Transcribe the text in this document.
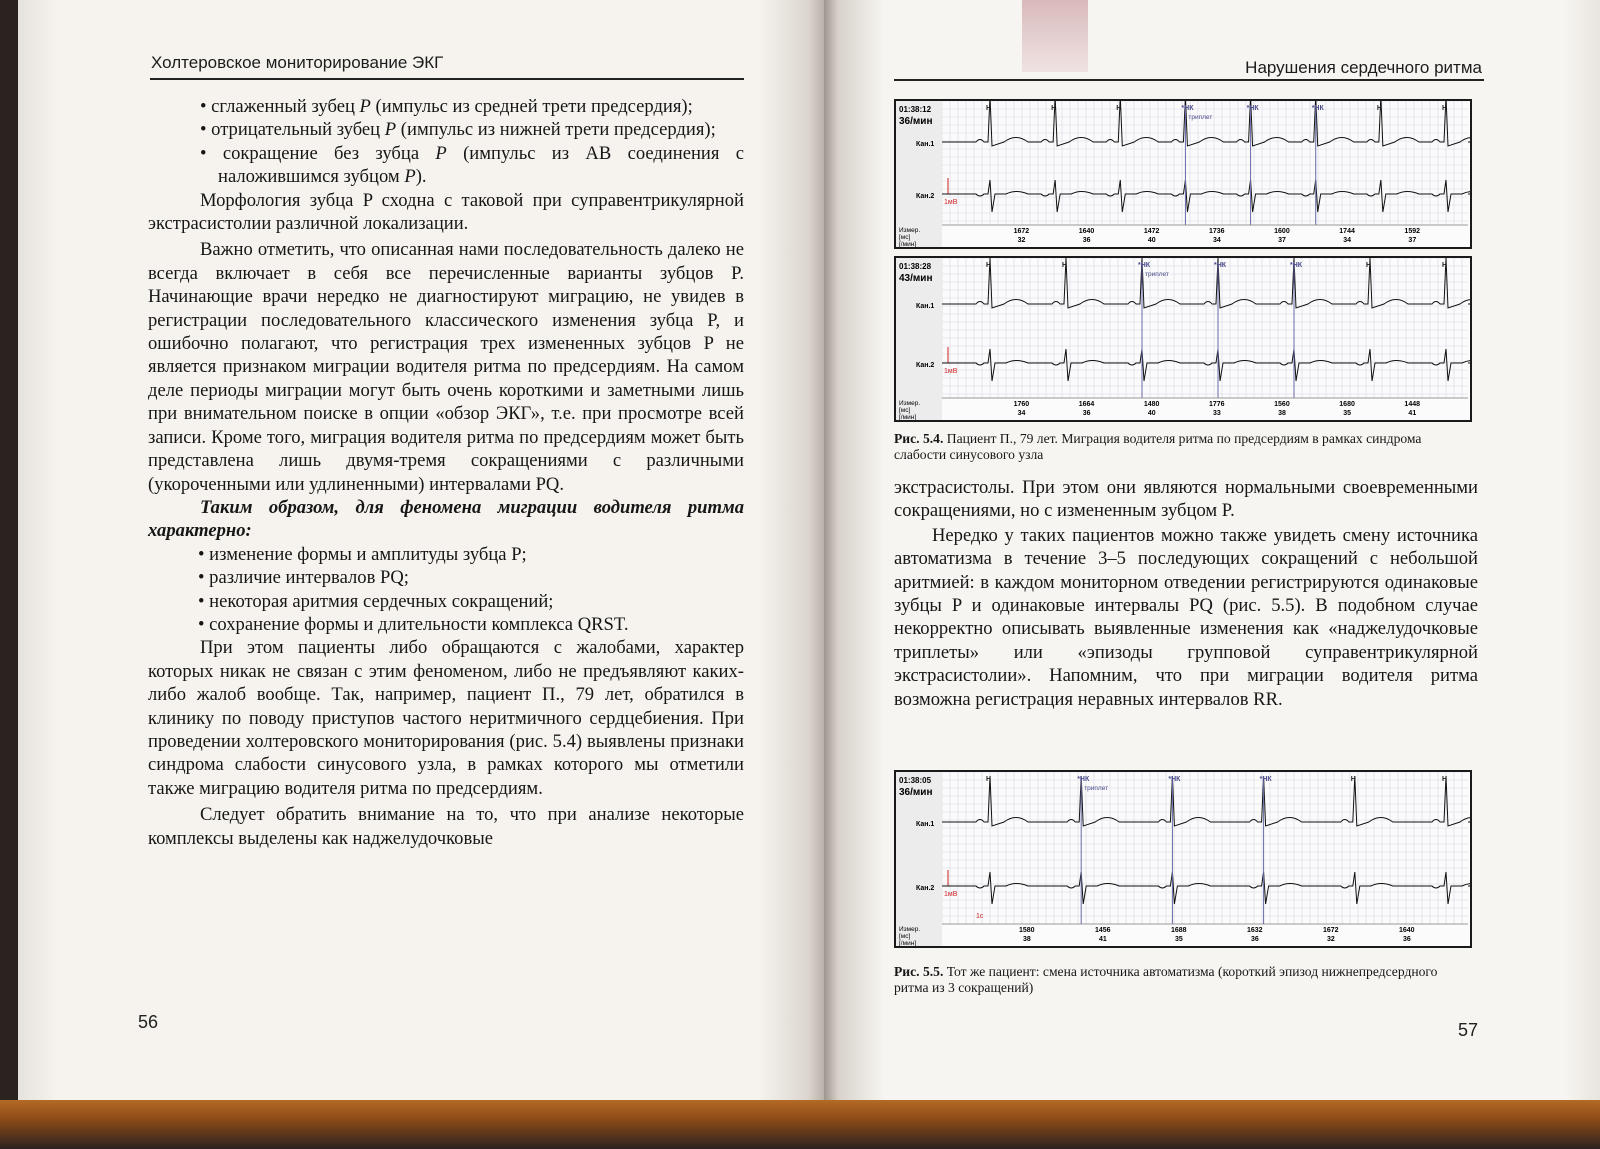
Холтеровское мониторирование ЭКГ

• сглаженный зубец P (импульс из средней трети предсердия);

• отрицательный зубец P (импульс из нижней трети предсердия);

• сокращение без зубца P (импульс из АВ соединения с наложившимся зубцом P).

Морфология зубца P сходна с таковой при суправентрикулярной экстрасистолии различной локализации.

Важно отметить, что описанная нами последовательность далеко не всегда включает в себя все перечисленные варианты зубцов P. Начинающие врачи нередко не диагностируют миграцию, не увидев в регистрации последовательного классического изменения зубца P, и ошибочно полагают, что регистрация трех измененных зубцов P не является признаком миграции водителя ритма по предсердиям. На самом деле периоды миграции могут быть очень короткими и заметными лишь при внимательном поиске в опции «обзор ЭКГ», т.е. при просмотре всей записи. Кроме того, миграция водителя ритма по предсердиям может быть представлена лишь двумя-тремя сокращениями с различными (укороченными или удлиненными) интервалами PQ.

Таким образом, для феномена миграции водителя ритма характерно:

• изменение формы и амплитуды зубца P;

• различие интервалов PQ;

• некоторая аритмия сердечных сокращений;

• сохранение формы и длительности комплекса QRST.

При этом пациенты либо обращаются с жалобами, характер которых никак не связан с этим феноменом, либо не предъявляют каких-либо жалоб вообще. Так, например, пациент П., 79 лет, обратился в клинику по поводу приступов частого неритмичного сердцебиения. При проведении холтеровского мониторирования (рис. 5.4) выявлены признаки синдрома слабости синусового узла, в рамках которого мы отметили также миграцию водителя ритма по предсердиям.

Следует обратить внимание на то, что при анализе некоторые комплексы выделены как наджелудочковые

56
Нарушения сердечного ритма
01:38:12
36/мин
Кан.1
Кан.2
Измер.
[мс]
[/мин]
1мВ
H	H	Н	*НК
триплет
*НК	*НК	H	H
1672
32
1640
36
1472
40
1736
34
1600
37
1744
34
1592
37
01:38:28
43/мин
Кан.1
Кан.2
Измер.
[мс]
[/мин]
1мВ
H	H	*НК
триплет
*НК	*НК	H	H
1760
34
1664
36
1480
40
1776
33
1560
38
1680
35
1448
41
Рис. 5.4. Пациент П., 79 лет. Миграция водителя ритма по предсердиям в рамках синдрома слабости синусового узла

экстрасистолы. При этом они являются нормальными своевременными сокращениями, но с измененным зубцом P.

Нередко у таких пациентов можно также увидеть смену источника автоматизма в течение 3–5 последующих сокращений с небольшой аритмией: в каждом мониторном отведении регистрируются одинаковые зубцы P и одинаковые интервалы PQ (рис. 5.5). В подобном случае некорректно описывать выявленные изменения как «наджелудочковые триплеты» или «эпизоды групповой суправентрикулярной экстрасистолии». Напомним, что при миграции водителя ритма возможна регистрация неравных интервалов RR.

01:38:05
36/мин
Кан.1
Кан.2
Измер.
[мс]
[/мин]
1мВ
1с
H	*НК
триплет
*НК	*НК	H	H
1580
38
1456
41
1688
35
1632
36
1672
32
1640
36
Рис. 5.5. Тот же пациент: смена источника автоматизма (короткий эпизод нижнепредсердного ритма из 3 сокращений)
57
